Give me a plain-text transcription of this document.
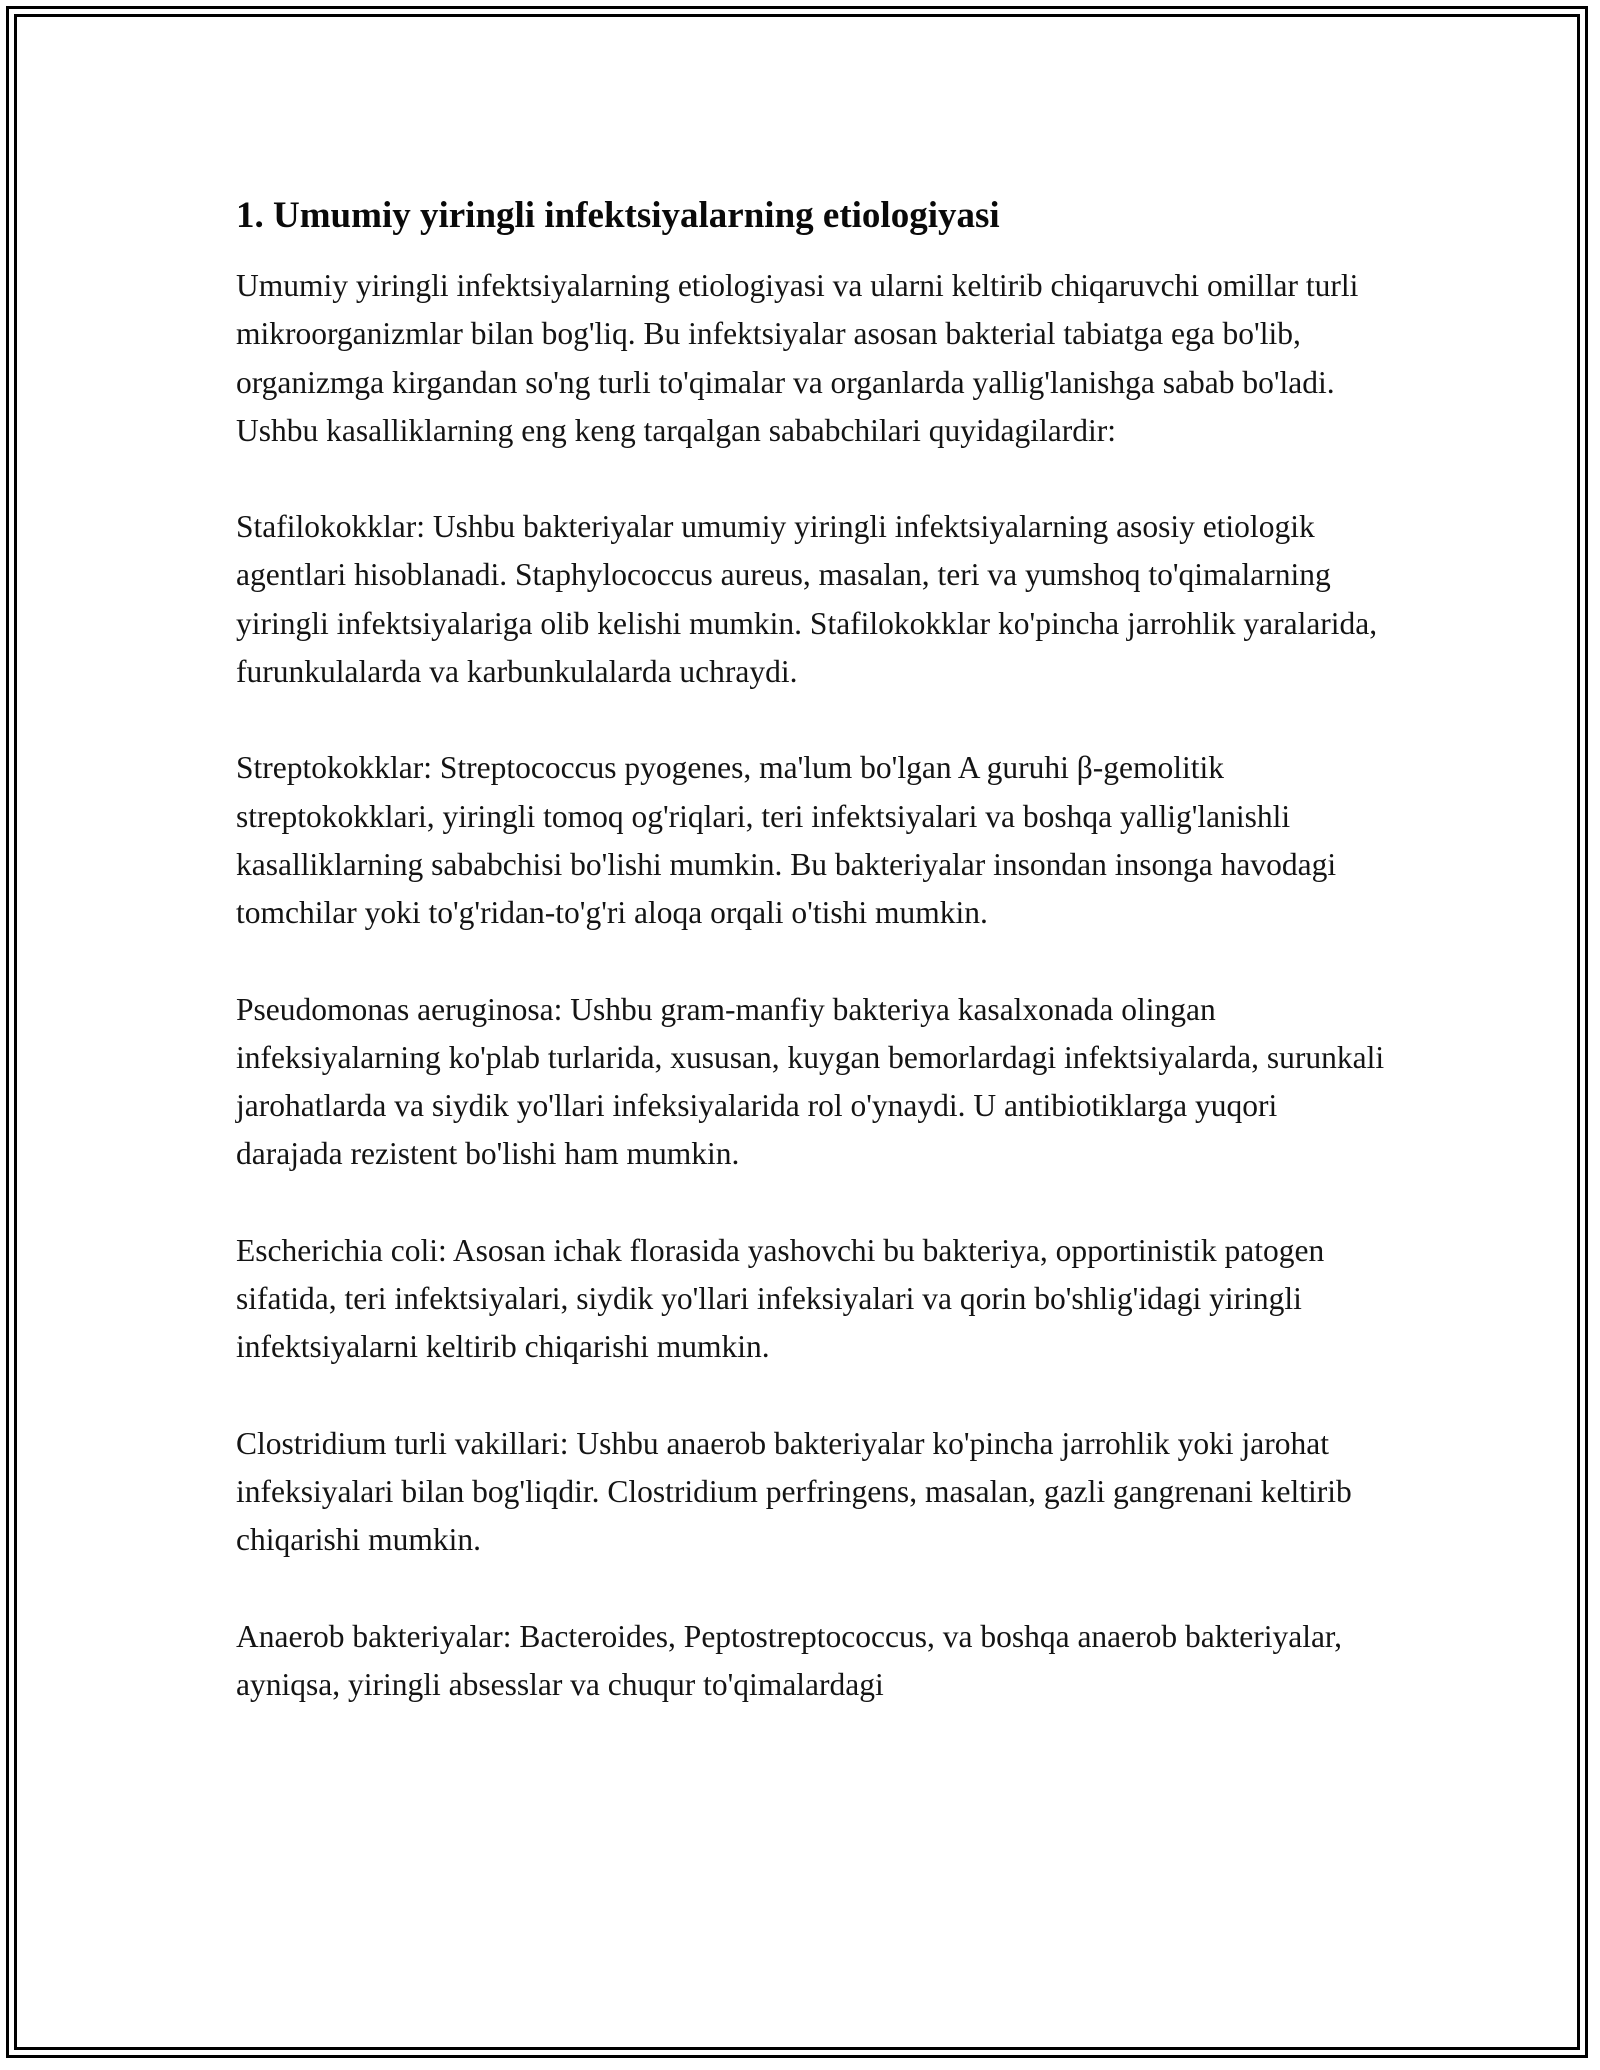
1. Umumiy yiringli infektsiyalarning etiologiyasi

Umumiy yiringli infektsiyalarning etiologiyasi va ularni keltirib chiqaruvchi omillar turli mikroorganizmlar bilan bog'liq. Bu infektsiyalar asosan bakterial tabiatga ega bo'lib, organizmga kirgandan so'ng turli to'qimalar va organlarda yallig'lanishga sabab bo'ladi. Ushbu kasalliklarning eng keng tarqalgan sababchilari quyidagilardir:

Stafilokokklar: Ushbu bakteriyalar umumiy yiringli infektsiyalarning asosiy etiologik agentlari hisoblanadi. Staphylococcus aureus, masalan, teri va yumshoq to'qimalarning yiringli infektsiyalariga olib kelishi mumkin. Stafilokokklar ko'pincha jarrohlik yaralarida, furunkulalarda va karbunkulalarda uchraydi.

Streptokokklar: Streptococcus pyogenes, ma'lum bo'lgan A guruhi β-gemolitik streptokokklari, yiringli tomoq og'riqlari, teri infektsiyalari va boshqa yallig'lanishli kasalliklarning sababchisi bo'lishi mumkin. Bu bakteriyalar insondan insonga havodagi tomchilar yoki to'g'ridan-to'g'ri aloqa orqali o'tishi mumkin.

Pseudomonas aeruginosa: Ushbu gram-manfiy bakteriya kasalxonada olingan infeksiyalarning ko'plab turlarida, xususan, kuygan bemorlardagi infektsiyalarda, surunkali jarohatlarda va siydik yo'llari infeksiyalarida rol o'ynaydi. U antibiotiklarga yuqori darajada rezistent bo'lishi ham mumkin.

Escherichia coli: Asosan ichak florasida yashovchi bu bakteriya, opportinistik patogen sifatida, teri infektsiyalari, siydik yo'llari infeksiyalari va qorin bo'shlig'idagi yiringli infektsiyalarni keltirib chiqarishi mumkin.

Clostridium turli vakillari: Ushbu anaerob bakteriyalar ko'pincha jarrohlik yoki jarohat infeksiyalari bilan bog'liqdir. Clostridium perfringens, masalan, gazli gangrenani keltirib chiqarishi mumkin.

Anaerob bakteriyalar: Bacteroides, Peptostreptococcus, va boshqa anaerob bakteriyalar, ayniqsa, yiringli absesslar va chuqur to'qimalardagi
